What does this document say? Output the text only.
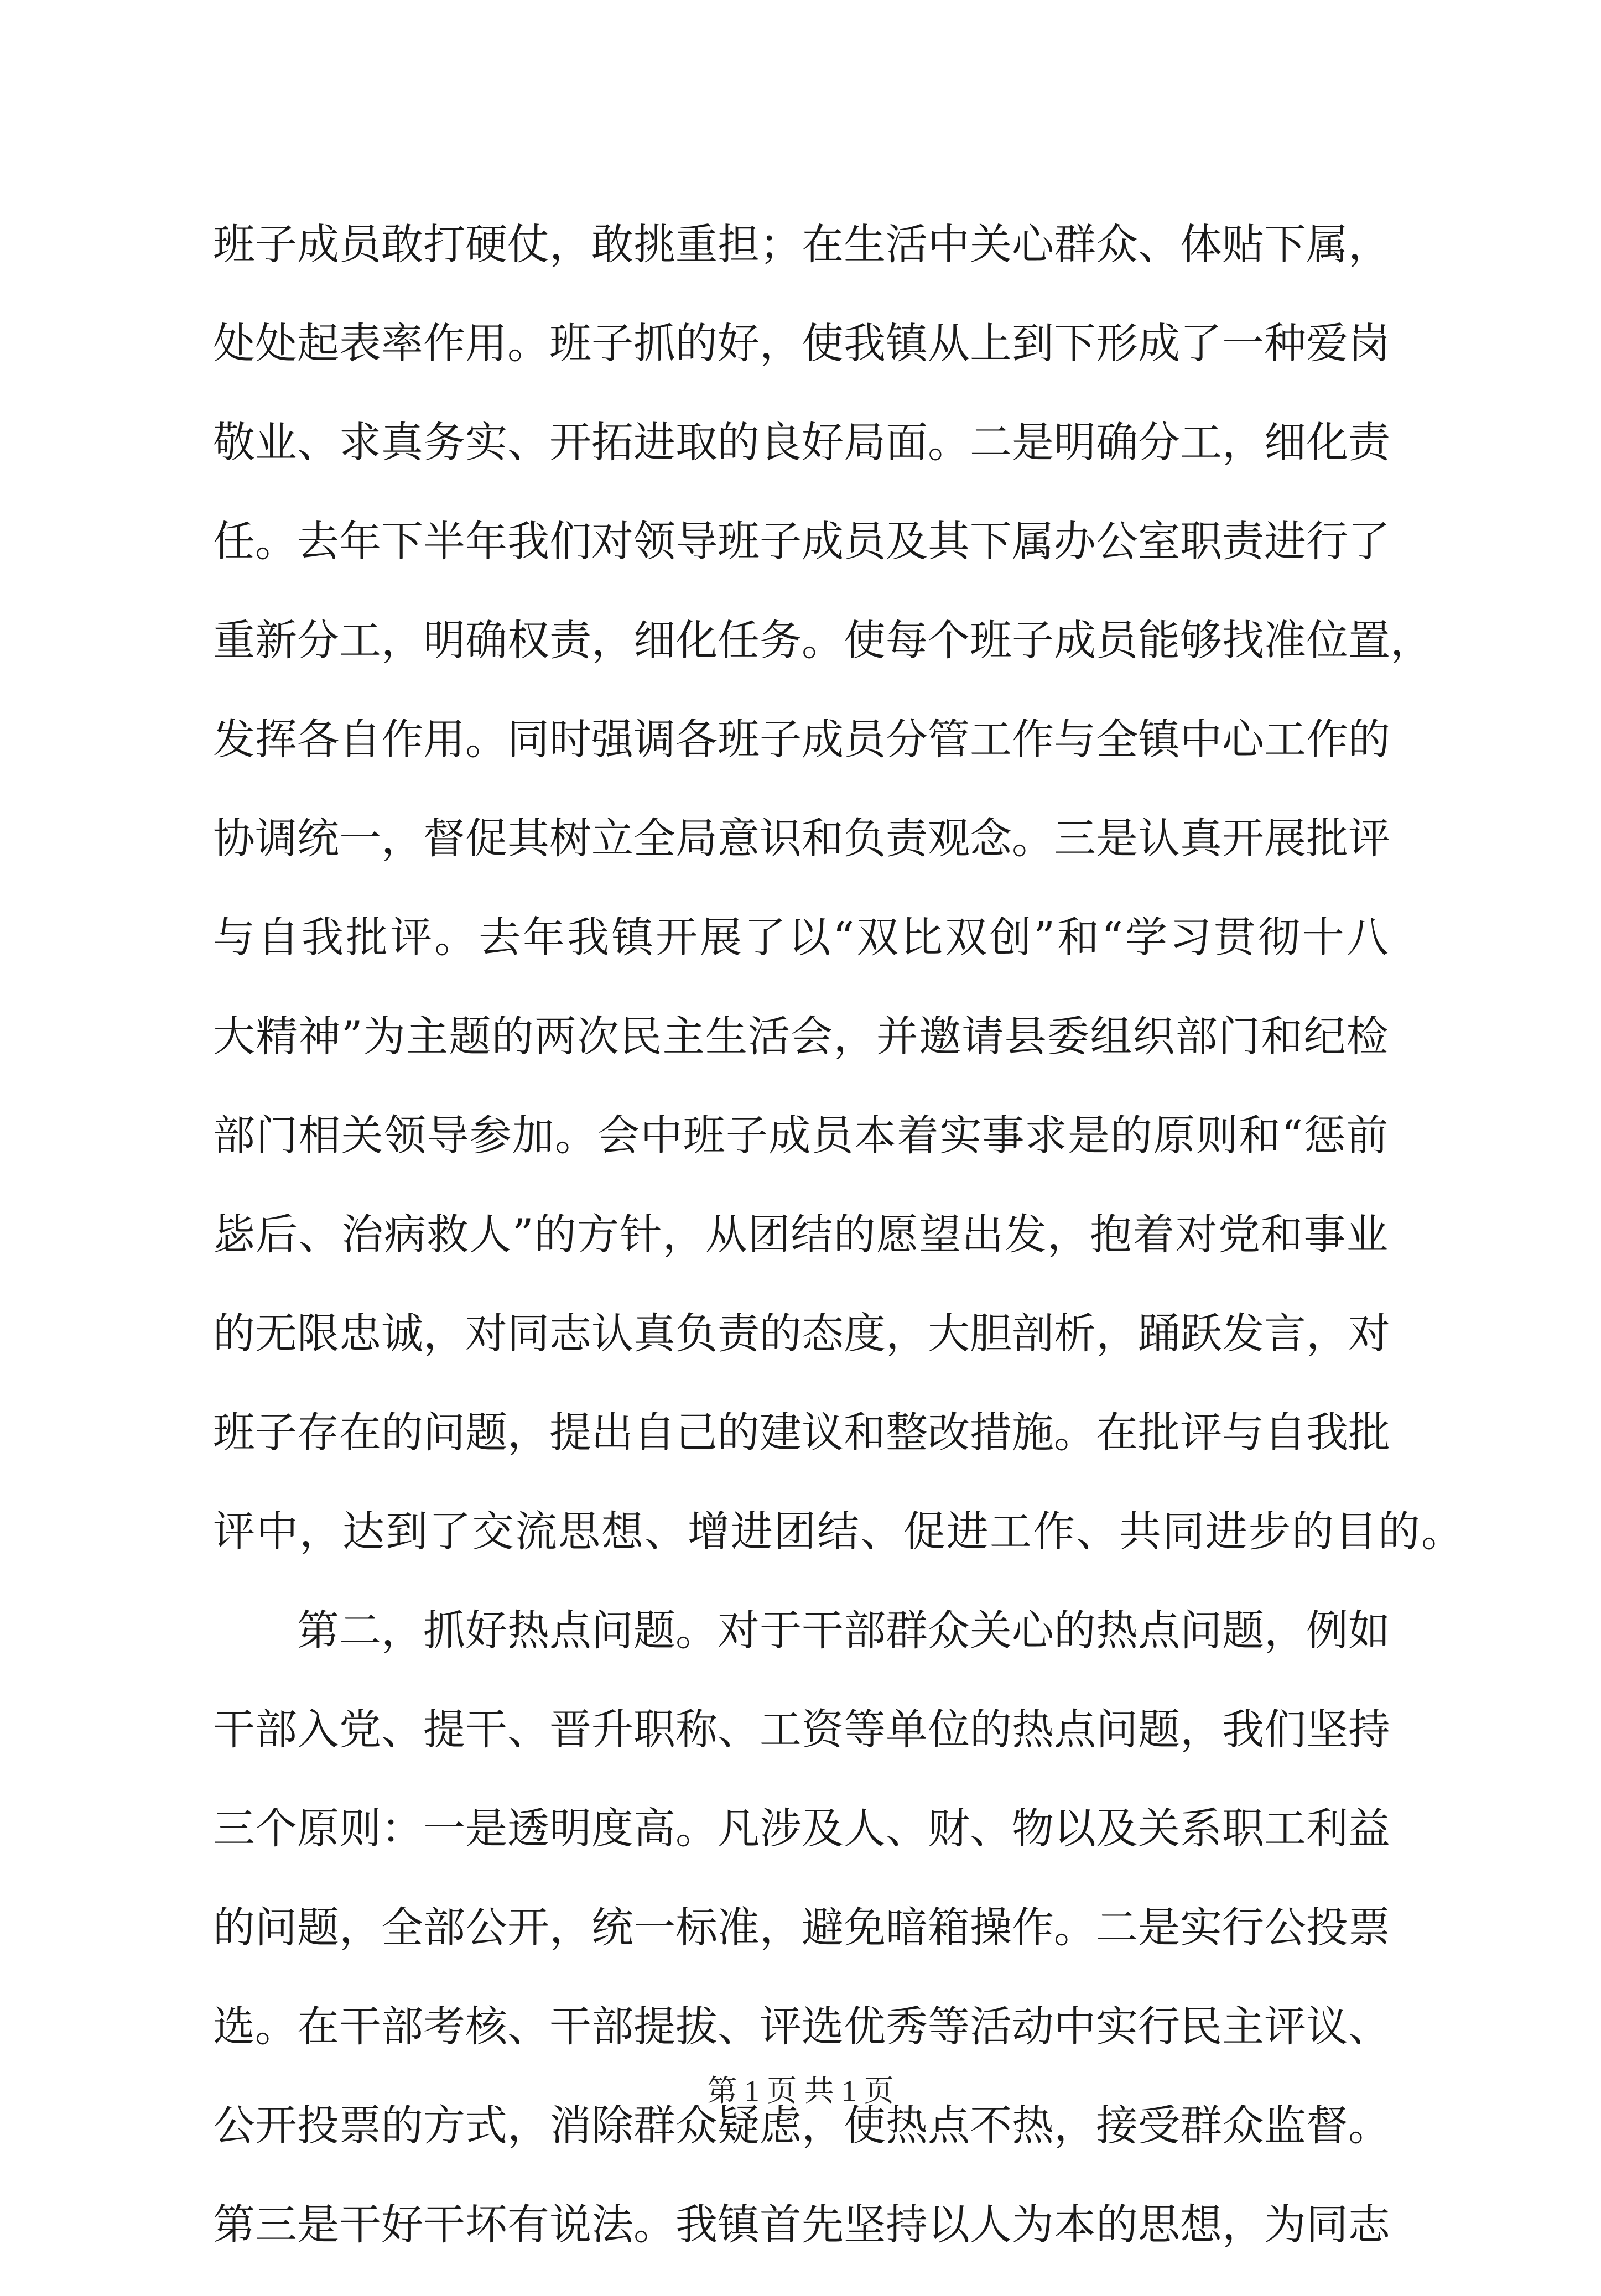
班 子 成 员 敢 打 硬 仗 ， 敢 挑 重 担 ； 在 生 活 中 关 心 群 众 、 体 贴 下 属 ，
处 处 起 表 率 作 用 。 班 子 抓 的 好 ， 使 我 镇 从 上 到 下 形 成 了 一 种 爱 岗
敬 业 、 求 真 务 实 、 开 拓 进 取 的 良 好 局 面 。 二 是 明 确 分 工 ， 细 化 责
任 。 去 年 下 半 年 我 们 对 领 导 班 子 成 员 及 其 下 属 办 公 室 职 责 进 行 了
重 新 分 工 ， 明 确 权 责 ， 细 化 任 务 。 使 每 个 班 子 成 员 能 够 找 准 位 置 ，
发 挥 各 自 作 用 。 同 时 强 调 各 班 子 成 员 分 管 工 作 与 全 镇 中 心 工 作 的
协 调 统 一 ， 督 促 其 树 立 全 局 意 识 和 负 责 观 念 。 三 是 认 真 开 展 批 评
与 自 我 批 评 。 去 年 我 镇 开 展 了 以 “ 双 比 双 创 ” 和 “ 学 习 贯 彻 十 八
大 精 神 ” 为 主 题 的 两 次 民 主 生 活 会 ， 并 邀 请 县 委 组 织 部 门 和 纪 检
部 门 相 关 领 导 参 加 。 会 中 班 子 成 员 本 着 实 事 求 是 的 原 则 和 “ 惩 前
毖 后 、 治 病 救 人 ” 的 方 针 ， 从 团 结 的 愿 望 出 发 ， 抱 着 对 党 和 事 业
的 无 限 忠 诚 ， 对 同 志 认 真 负 责 的 态 度 ， 大 胆 剖 析 ， 踊 跃 发 言 ， 对
班 子 存 在 的 问 题 ， 提 出 自 己 的 建 议 和 整 改 措 施 。 在 批 评 与 自 我 批
评中，达到了交流思想、增进团结、促进工作、共同进步的目的。
第 二 ， 抓 好 热 点 问 题 。 对 于 干 部 群 众 关 心 的 热 点 问 题 ， 例 如
干 部 入 党 、 提 干 、 晋 升 职 称 、 工 资 等 单 位 的 热 点 问 题 ， 我 们 坚 持
三 个 原 则 ： 一 是 透 明 度 高 。 凡 涉 及 人 、 财 、 物 以 及 关 系 职 工 利 益
的 问 题 ， 全 部 公 开 ， 统 一 标 准 ， 避 免 暗 箱 操 作 。 二 是 实 行 公 投 票
选 。 在 干 部 考 核 、 干 部 提 拔 、 评 选 优 秀 等 活 动 中 实 行 民 主 评 议 、
公 开 投 票 的 方 式 ， 消 除 群 众 疑 虑 ， 使 热 点 不 热 ， 接 受 群 众 监 督 。
第 三 是 干 好 干 坏 有 说 法 。 我 镇 首 先 坚 持 以 人 为 本 的 思 想 ， 为 同 志
第 1 页 共 1 页
